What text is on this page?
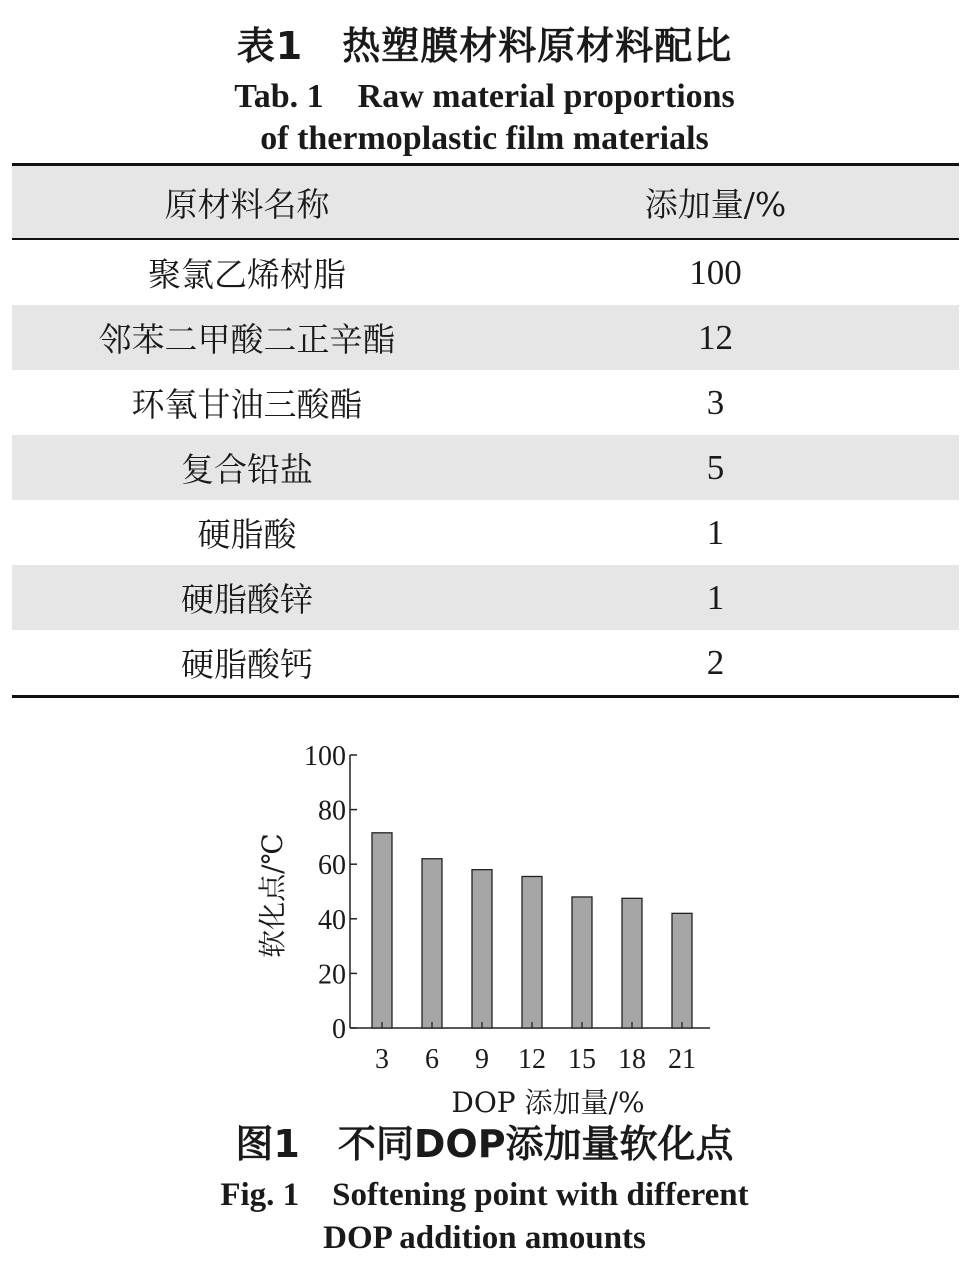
表1　热塑膜材料原材料配比
Tab. 1　Raw material proportions
of thermoplastic film materials
原材料名称	添加量/%
聚氯乙烯树脂	100
邻苯二甲酸二正辛酯	12
环氧甘油三酸酯	3
复合铅盐	5
硬脂酸	1
硬脂酸锌	1
硬脂酸钙	2
0
20
40
60
80
100
3 6 9 12 15 18 21
DOP 添加量/%
软化点/℃
图1　不同DOP添加量软化点
Fig. 1　Softening point with different
DOP addition amounts
